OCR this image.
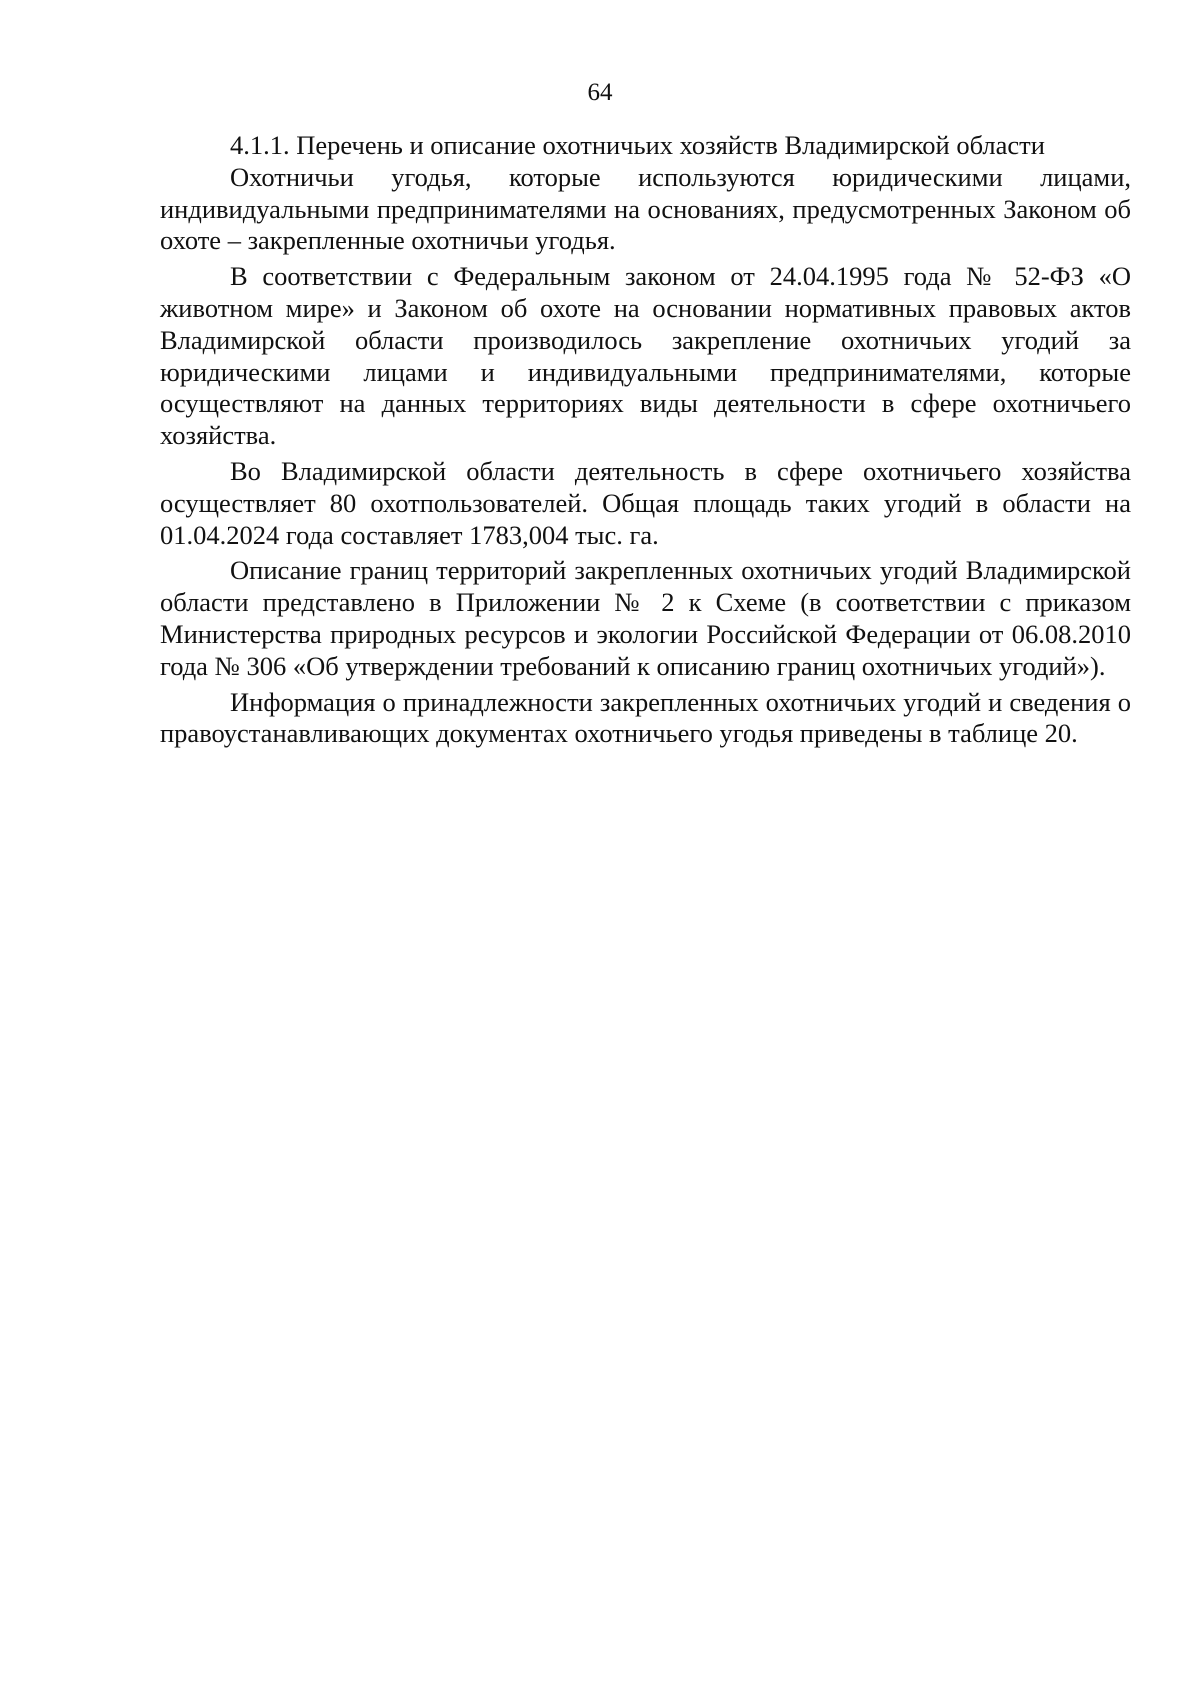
64

4.1.1. Перечень и описание охотничьих хозяйств Владимирской области

Охотничьи угодья, которые используются юридическими лицами, индивидуальными предпринимателями на основаниях, предусмотренных Законом об охоте – закрепленные охотничьи угодья.

В соответствии с Федеральным законом от 24.04.1995 года № 52-ФЗ «О животном мире» и Законом об охоте на основании нормативных правовых актов Владимирской области производилось закрепление охотничьих угодий за юридическими лицами и индивидуальными предпринимателями, которые осуществляют на данных территориях виды деятельности в сфере охотничьего хозяйства.

Во Владимирской области деятельность в сфере охотничьего хозяйства осуществляет 80 охотпользователей. Общая площадь таких угодий в области на 01.04.2024 года составляет 1783,004 тыс. га.

Описание границ территорий закрепленных охотничьих угодий Владимирской области представлено в Приложении № 2 к Схеме (в соответствии с приказом Министерства природных ресурсов и экологии Российской Федерации от 06.08.2010 года № 306 «Об утверждении требований к описанию границ охотничьих угодий»).

Информация о принадлежности закрепленных охотничьих угодий и сведения о правоустанавливающих документах охотничьего угодья приведены в таблице 20.
